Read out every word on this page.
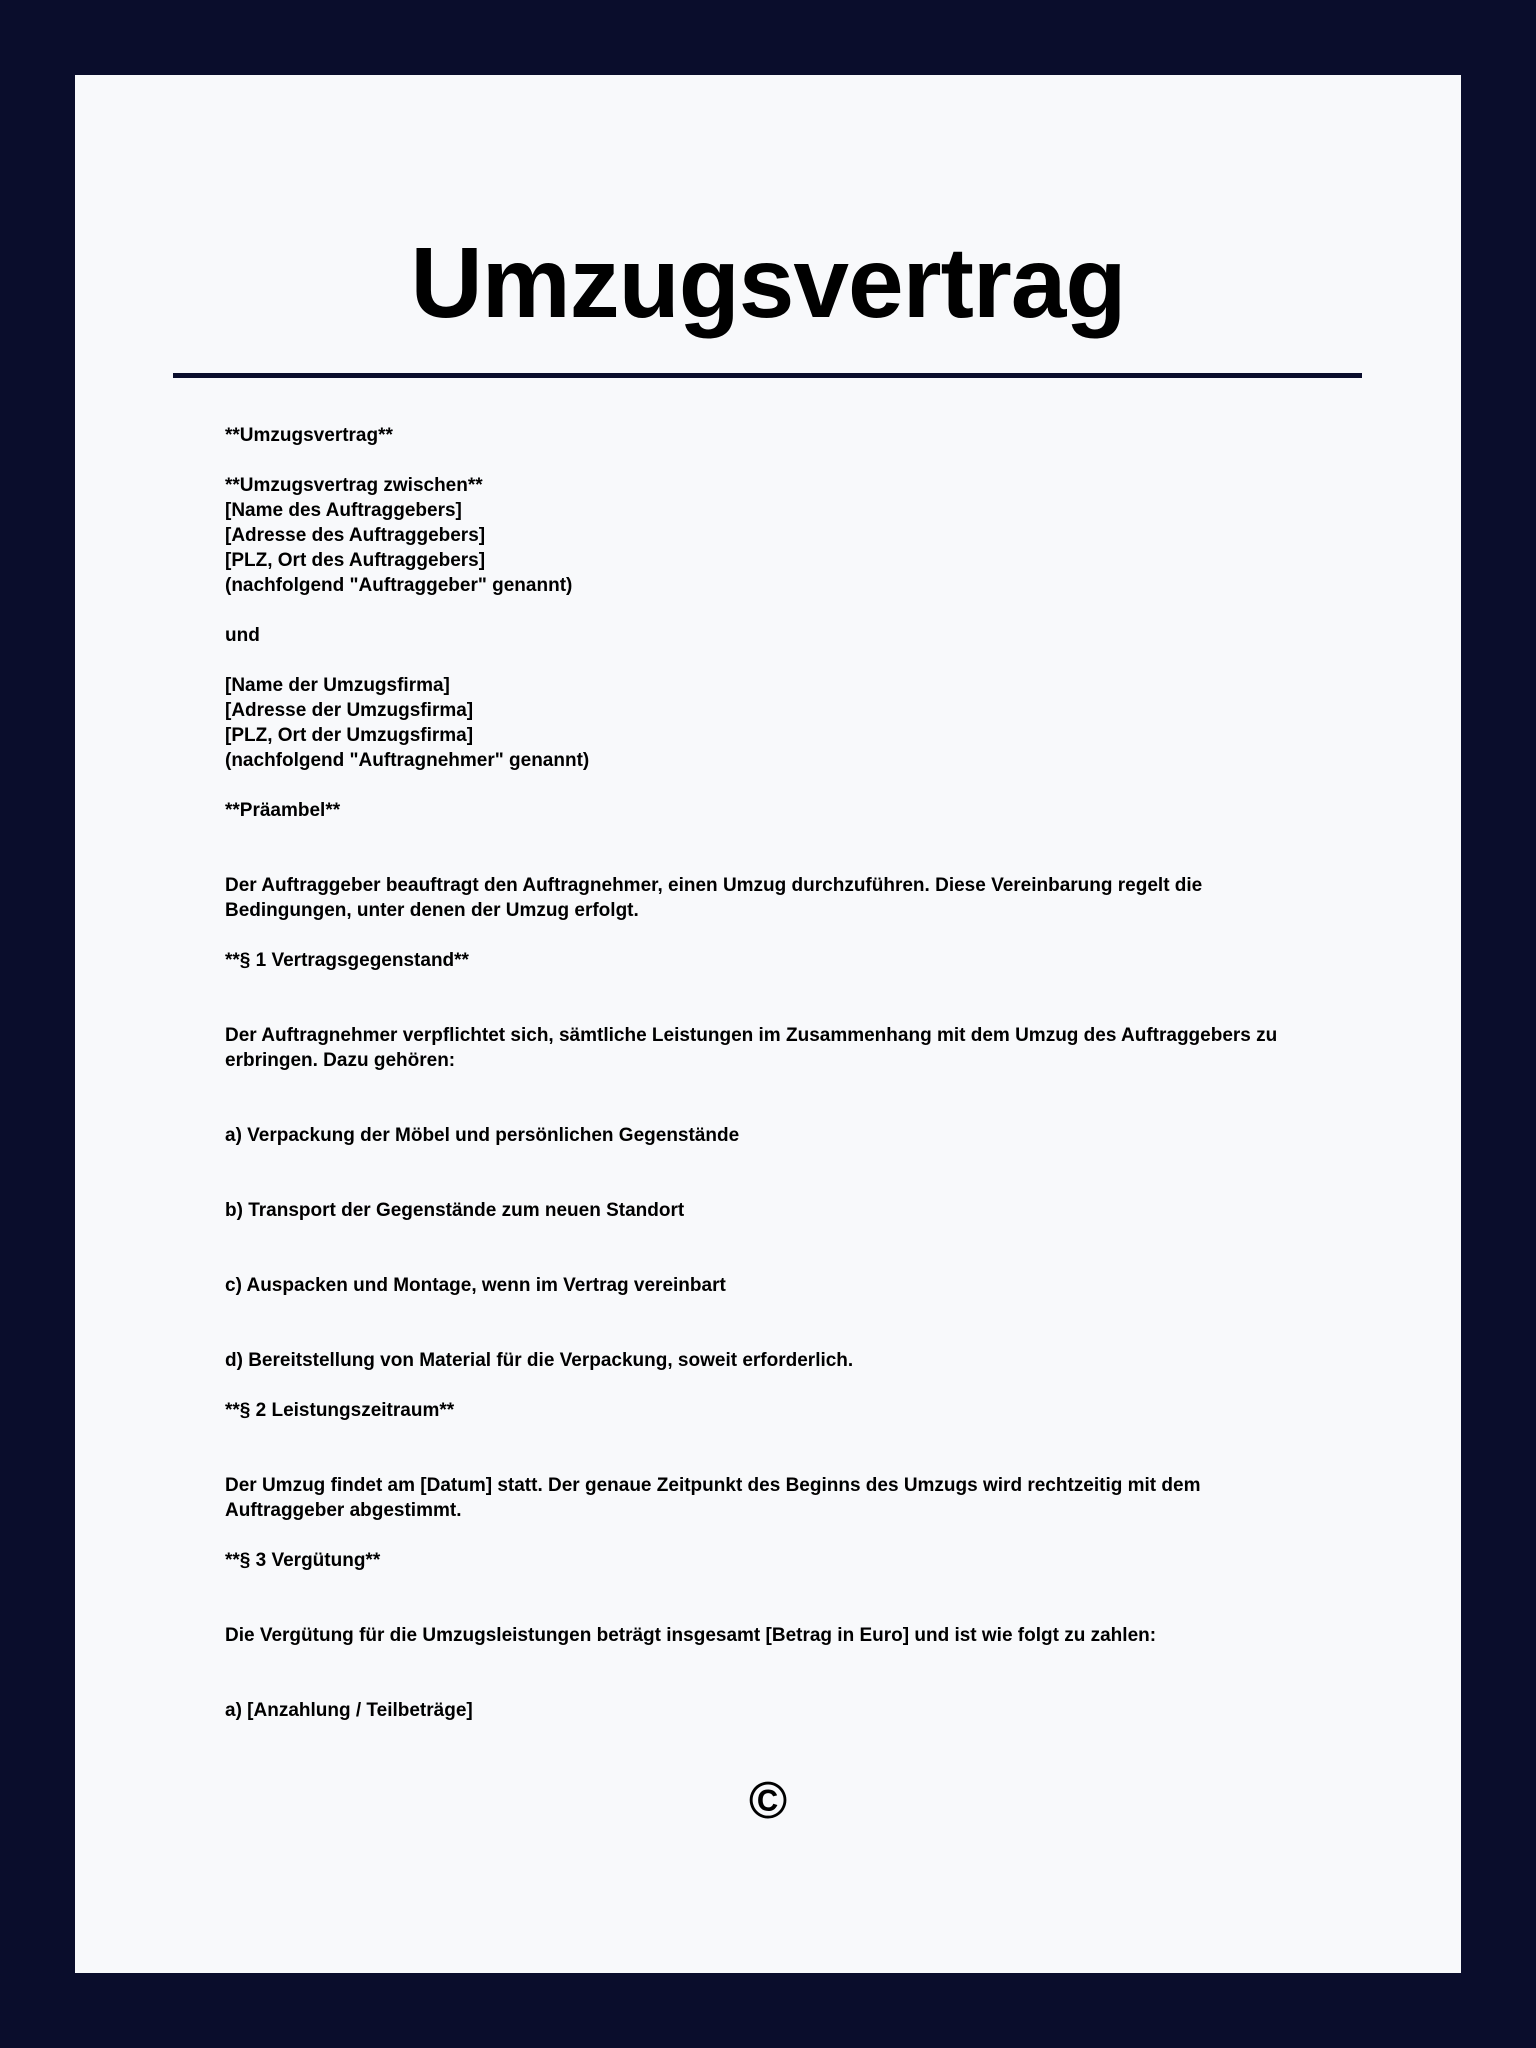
Umzugsvertrag
**Umzugsvertrag**
**Umzugsvertrag zwischen**
[Name des Auftraggebers]
[Adresse des Auftraggebers]
[PLZ, Ort des Auftraggebers]
(nachfolgend "Auftraggeber" genannt)
und
[Name der Umzugsfirma]
[Adresse der Umzugsfirma]
[PLZ, Ort der Umzugsfirma]
(nachfolgend "Auftragnehmer" genannt)
**Präambel**
Der Auftraggeber beauftragt den Auftragnehmer, einen Umzug durchzuführen. Diese Vereinbarung regelt die
Bedingungen, unter denen der Umzug erfolgt.
**§ 1 Vertragsgegenstand**
Der Auftragnehmer verpflichtet sich, sämtliche Leistungen im Zusammenhang mit dem Umzug des Auftraggebers zu
erbringen. Dazu gehören:
a) Verpackung der Möbel und persönlichen Gegenstände
b) Transport der Gegenstände zum neuen Standort
c) Auspacken und Montage, wenn im Vertrag vereinbart
d) Bereitstellung von Material für die Verpackung, soweit erforderlich.
**§ 2 Leistungszeitraum**
Der Umzug findet am [Datum] statt. Der genaue Zeitpunkt des Beginns des Umzugs wird rechtzeitig mit dem
Auftraggeber abgestimmt.
**§ 3 Vergütung**
Die Vergütung für die Umzugsleistungen beträgt insgesamt [Betrag in Euro] und ist wie folgt zu zahlen:
a) [Anzahlung / Teilbeträge]
©
